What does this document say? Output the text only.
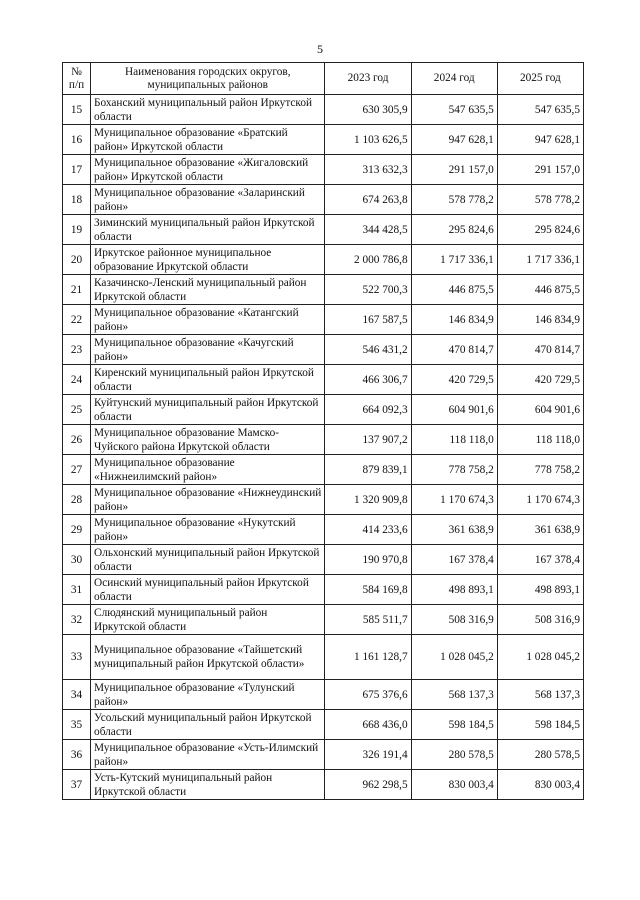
5
№ п/п	Наименования городских округов, муниципальных районов	2023 год	2024 год	2025 год
15	Боханский муниципальный район Иркутской области	630 305,9	547 635,5	547 635,5
16	Муниципальное образование «Братский район» Иркутской области	1 103 626,5	947 628,1	947 628,1
17	Муниципальное образование «Жигаловский район» Иркутской области	313 632,3	291 157,0	291 157,0
18	Муниципальное образование «Заларинский район»	674 263,8	578 778,2	578 778,2
19	Зиминский муниципальный район Иркутской области	344 428,5	295 824,6	295 824,6
20	Иркутское районное муниципальное образование Иркутской области	2 000 786,8	1 717 336,1	1 717 336,1
21	Казачинско-Ленский муниципальный район Иркутской области	522 700,3	446 875,5	446 875,5
22	Муниципальное образование «Катангский район»	167 587,5	146 834,9	146 834,9
23	Муниципальное образование «Качугский район»	546 431,2	470 814,7	470 814,7
24	Киренский муниципальный район Иркутской области	466 306,7	420 729,5	420 729,5
25	Куйтунский муниципальный район Иркутской области	664 092,3	604 901,6	604 901,6
26	Муниципальное образование Мамско-Чуйского района Иркутской области	137 907,2	118 118,0	118 118,0
27	Муниципальное образование «Нижнеилимский район»	879 839,1	778 758,2	778 758,2
28	Муниципальное образование «Нижнеудинский район»	1 320 909,8	1 170 674,3	1 170 674,3
29	Муниципальное образование «Нукутский район»	414 233,6	361 638,9	361 638,9
30	Ольхонский муниципальный район Иркутской области	190 970,8	167 378,4	167 378,4
31	Осинский муниципальный район Иркутской области	584 169,8	498 893,1	498 893,1
32	Слюдянский муниципальный район Иркутской области	585 511,7	508 316,9	508 316,9
33	Муниципальное образование «Тайшетский муниципальный район Иркутской области»	1 161 128,7	1 028 045,2	1 028 045,2
34	Муниципальное образование «Тулунский район»	675 376,6	568 137,3	568 137,3
35	Усольский муниципальный район Иркутской области	668 436,0	598 184,5	598 184,5
36	Муниципальное образование «Усть-Илимский район»	326 191,4	280 578,5	280 578,5
37	Усть-Кутский муниципальный район Иркутской области	962 298,5	830 003,4	830 003,4
